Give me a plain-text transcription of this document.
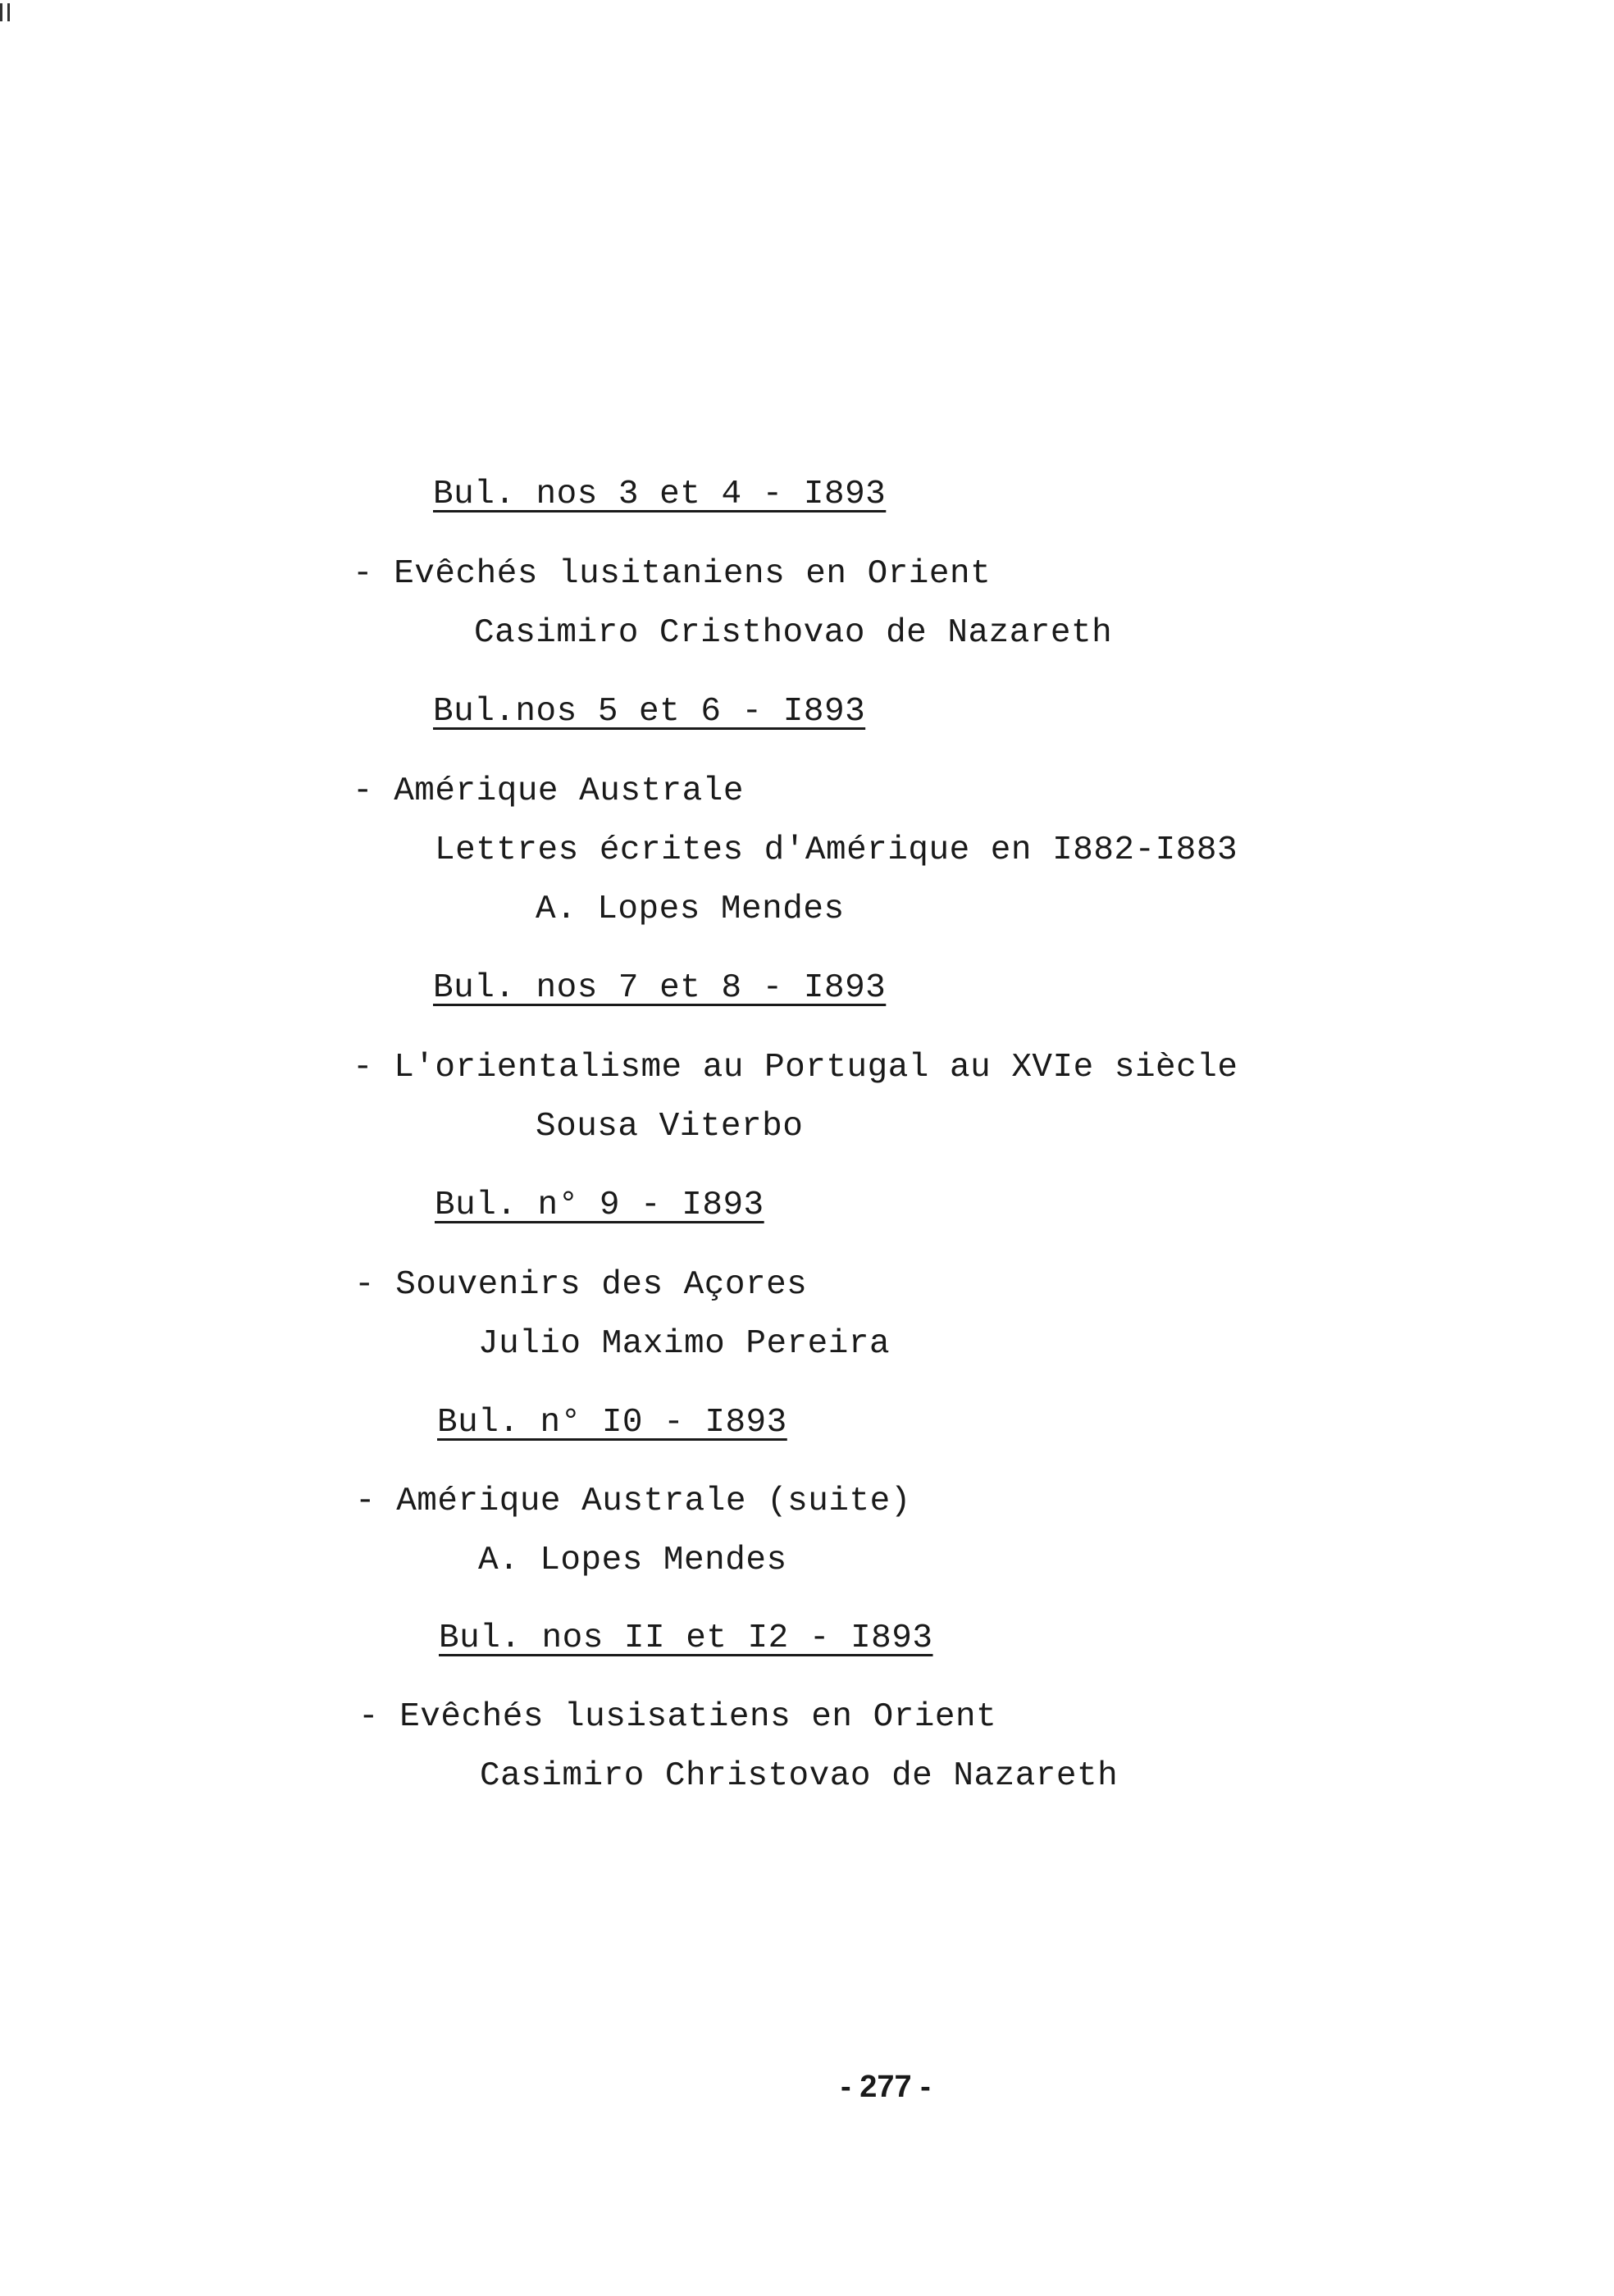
Bul. nos 3 et 4 - I893
- Evêchés lusitaniens en Orient
Casimiro Cristhovao de Nazareth
Bul.nos 5 et 6 - I893
- Amérique Australe
Lettres écrites d'Amérique en I882-I883
A. Lopes Mendes
Bul. nos 7 et 8 - I893
- L'orientalisme au Portugal au XVIe siècle
Sousa Viterbo
Bul. n° 9 - I893
- Souvenirs des Açores
Julio Maximo Pereira
Bul. n° I0 - I893
- Amérique Australe (suite)
A. Lopes Mendes
Bul. nos II et I2 - I893
- Evêchés lusisatiens en Orient
Casimiro Christovao de Nazareth
- 277 -
